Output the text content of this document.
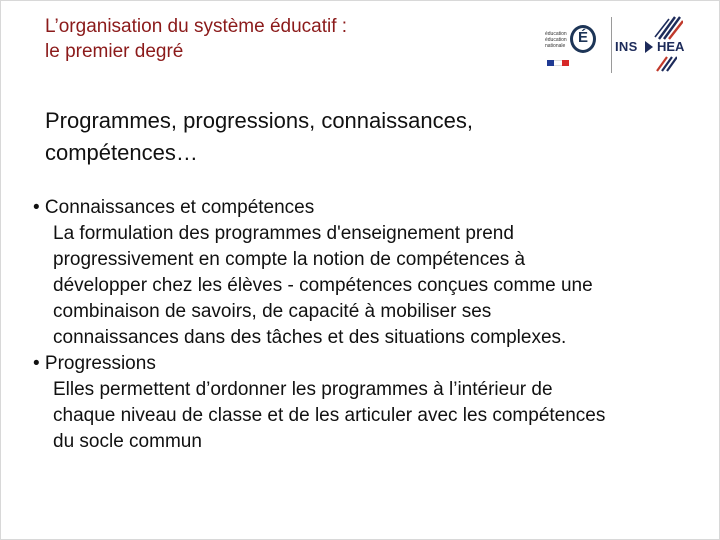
L’organisation du système éducatif :
le premier degré
éducation
éducation
nationale É
INS HEA
Programmes, progressions, connaissances,
compétences…
• Connaissances et compétences
La formulation des programmes d'enseignement prend
progressivement en compte la notion de compétences à
développer chez les élèves - compétences conçues comme une
combinaison de savoirs, de capacité à mobiliser ses
connaissances dans des tâches et des situations complexes.
• Progressions
Elles permettent d’ordonner les programmes à l’intérieur de
chaque niveau de classe et de les articuler avec les compétences
du socle commun
